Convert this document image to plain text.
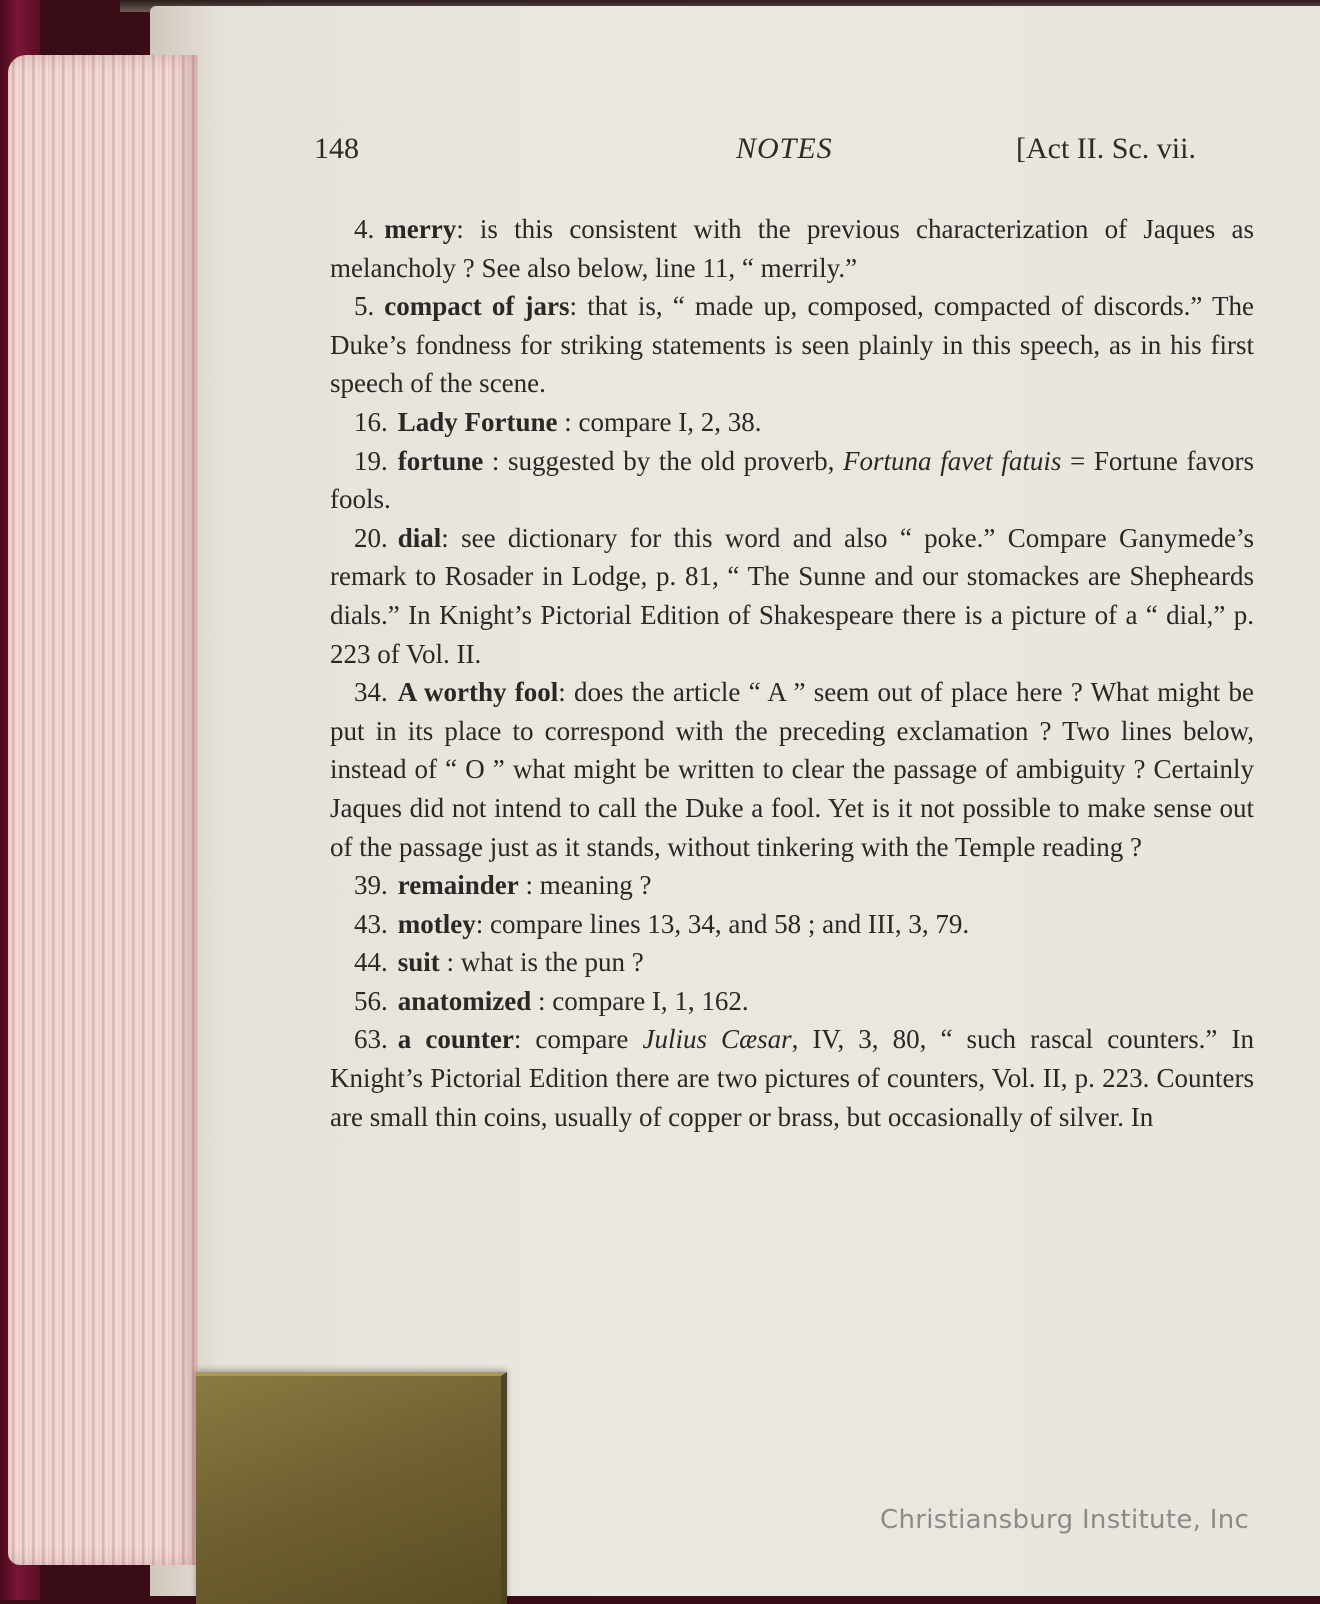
148	NOTES	[Act II. Sc. vii.

4. merry: is this consistent with the previous characterization of Jaques as melancholy ? See also below, line 11, “ merrily.”

5. compact of jars: that is, “ made up, composed, compacted of discords.” The Duke’s fondness for striking statements is seen plainly in this speech, as in his first speech of the scene.

16. Lady Fortune : compare I, 2, 38.

19. fortune : suggested by the old proverb, Fortuna favet fatuis = Fortune favors fools.

20. dial: see dictionary for this word and also “ poke.” Compare Ganymede’s remark to Rosader in Lodge, p. 81, “ The Sunne and our stomackes are Shepheards dials.” In Knight’s Pictorial Edition of Shakespeare there is a picture of a “ dial,” p. 223 of Vol. II.

34. A worthy fool: does the article “ A ” seem out of place here ? What might be put in its place to correspond with the preceding exclamation ? Two lines below, instead of “ O ” what might be written to clear the passage of ambiguity ? Certainly Jaques did not intend to call the Duke a fool. Yet is it not possible to make sense out of the passage just as it stands, without tinkering with the Temple reading ?

39. remainder : meaning ?

43. motley: compare lines 13, 34, and 58 ; and III, 3, 79.

44. suit : what is the pun ?

56. anatomized : compare I, 1, 162.

63. a counter: compare Julius Cæsar, IV, 3, 80, “ such rascal counters.” In Knight’s Pictorial Edition there are two pictures of counters, Vol. II, p. 223. Counters are small thin coins, usually of copper or brass, but occasionally of silver. In

Christiansburg Institute, Inc
